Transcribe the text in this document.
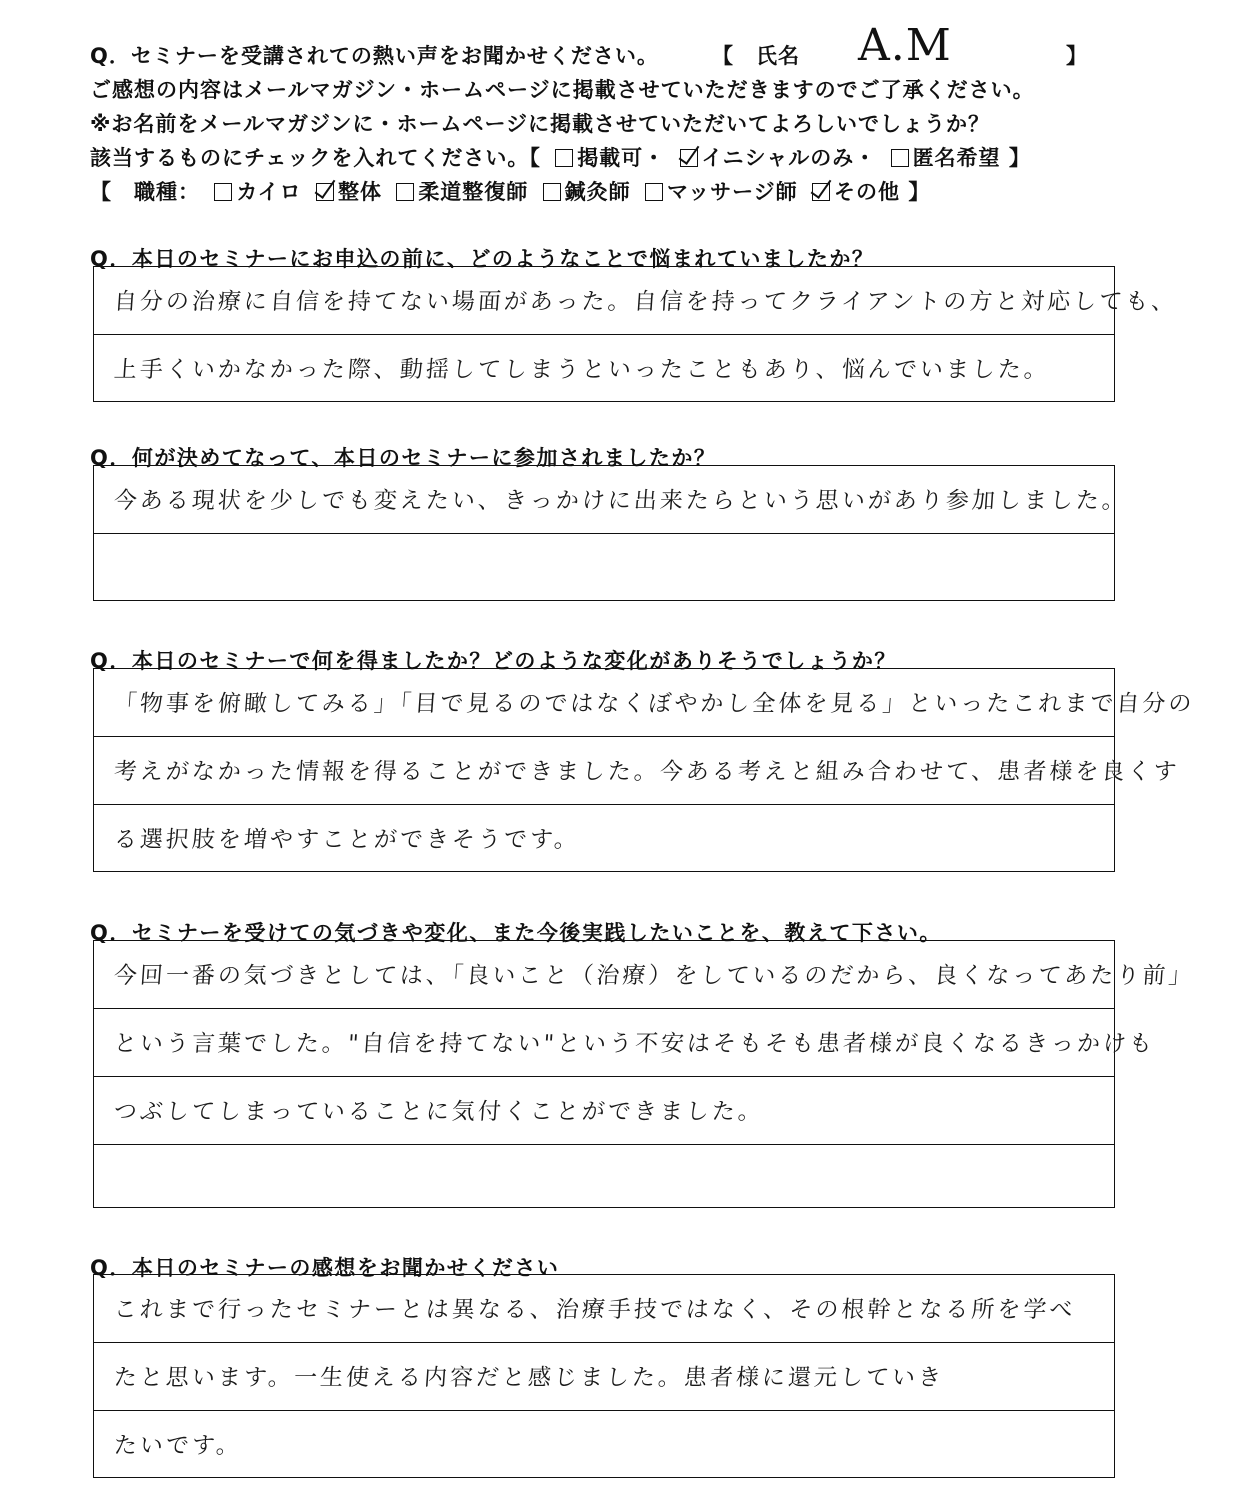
Q．セミナーを受講されての熱い声をお聞かせください。	【　氏名 A.M	】
ご感想の内容はメールマガジン・ホームページに掲載させていただきますのでご了承ください。
※お名前をメールマガジンに・ホームページに掲載させていただいてよろしいでしょうか？
該当するものにチェックを入れてください。【 掲載可・ イニシャルのみ・ 匿名希望 】
【　職種： カイロ 整体 柔道整復師 鍼灸師 マッサージ師 その他 】
Q．本日のセミナーにお申込の前に、どのようなことで悩まれていましたか？
自分の治療に自信を持てない場面があった。自信を持ってクライアントの方と対応しても、
上手くいかなかった際、動揺してしまうといったこともあり、悩んでいました。
Q．何が決めてなって、本日のセミナーに参加されましたか？
今ある現状を少しでも変えたい、きっかけに出来たらという思いがあり参加しました。
Q．本日のセミナーで何を得ましたか？どのような変化がありそうでしょうか？
「物事を俯瞰してみる」「目で見るのではなくぼやかし全体を見る」といったこれまで自分の
考えがなかった情報を得ることができました。今ある考えと組み合わせて、患者様を良くす
る選択肢を増やすことができそうです。
Q．セミナーを受けての気づきや変化、また今後実践したいことを、教えて下さい。
今回一番の気づきとしては、「良いこと（治療）をしているのだから、良くなってあたり前」
という言葉でした。"自信を持てない"という不安はそもそも患者様が良くなるきっかけも
つぶしてしまっていることに気付くことができました。
Q．本日のセミナーの感想をお聞かせください
これまで行ったセミナーとは異なる、治療手技ではなく、その根幹となる所を学べ
たと思います。一生使える内容だと感じました。患者様に還元していき
たいです。
